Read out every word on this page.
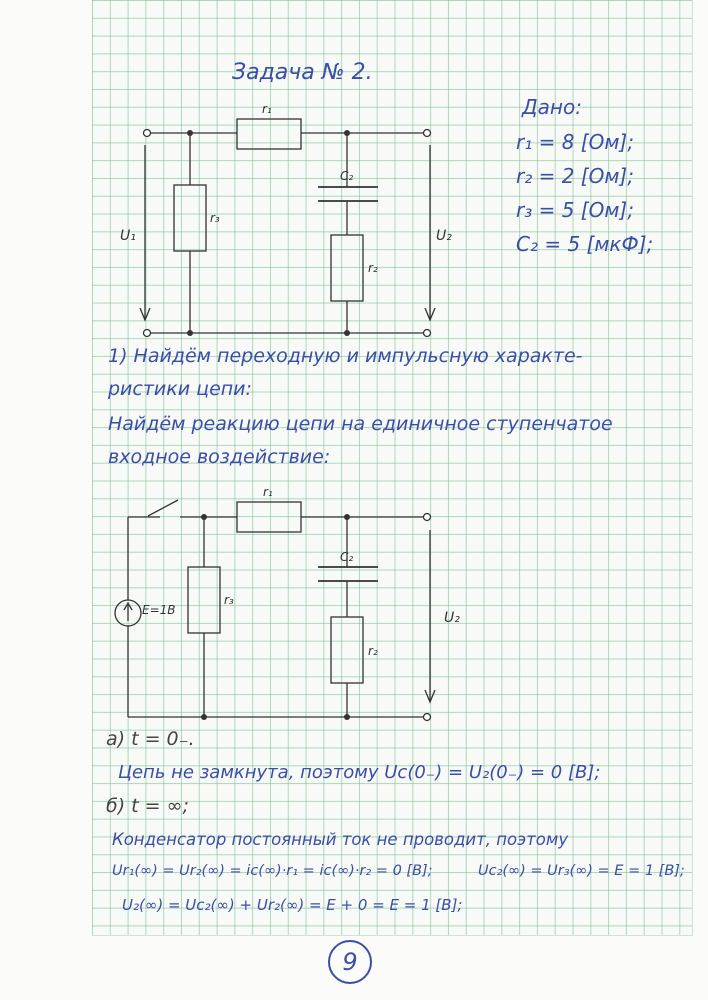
Задача № 2.
Дано:
r₁ = 8 [Ом];
r₂ = 2 [Ом];
r₃ = 5 [Ом];
C₂ = 5 [мкФ];
r₁
r₃
C₂
r₂
U₁	U₂
1) Найдём переходную и импульсную характе-
ристики цепи:
Найдём реакцию цепи на единичное ступенчатое
входное воздействие:
r₁
r₃
C₂
r₂
U₂
E=1B
а) t = 0₋.
Цепь не замкнута, поэтому Uc(0₋) = U₂(0₋) = 0 [В];
б) t = ∞;
Конденсатор постоянный ток не проводит, поэтому
Ur₁(∞) = Ur₂(∞) = ic(∞)·r₁ = ic(∞)·r₂ = 0 [В];	Uc₂(∞) = Ur₃(∞) = E = 1 [В];
U₂(∞) = Uc₂(∞) + Ur₂(∞) = E + 0 = E = 1 [В];
9
